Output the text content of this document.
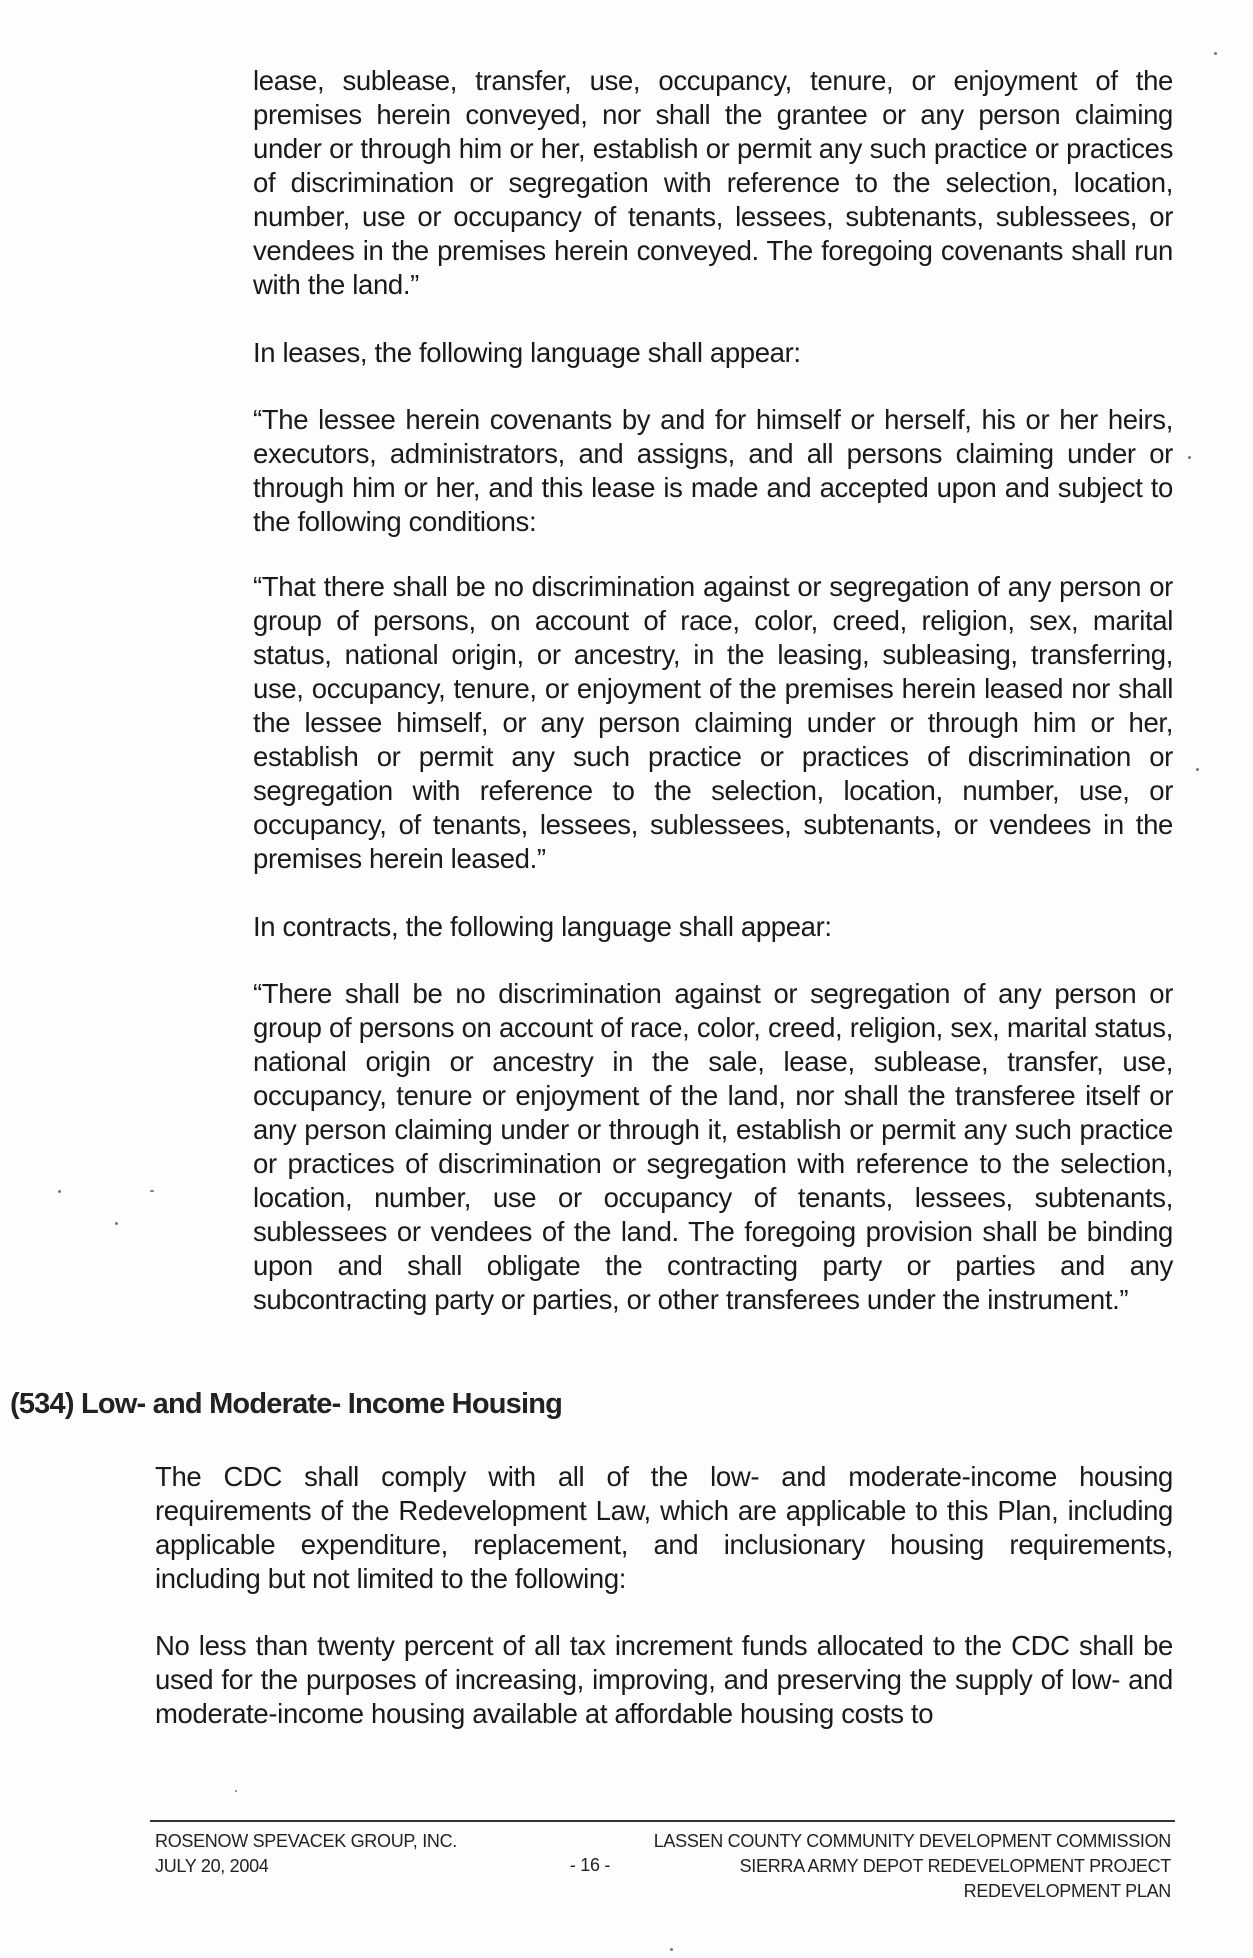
lease, sublease, transfer, use, occupancy, tenure, or enjoyment of the premises herein conveyed, nor shall the grantee or any person claiming under or through him or her, establish or permit any such practice or practices of discrimination or segregation with reference to the selection, location, number, use or occupancy of tenants, lessees, subtenants, sublessees, or vendees in the premises herein conveyed. The foregoing covenants shall run with the land.”

In leases, the following language shall appear:

“The lessee herein covenants by and for himself or herself, his or her heirs, executors, administrators, and assigns, and all persons claiming under or through him or her, and this lease is made and accepted upon and subject to the following conditions:

“That there shall be no discrimination against or segregation of any person or group of persons, on account of race, color, creed, religion, sex, marital status, national origin, or ancestry, in the leasing, subleasing, transferring, use, occupancy, tenure, or enjoyment of the premises herein leased nor shall the lessee himself, or any person claiming under or through him or her, establish or permit any such practice or practices of discrimination or segregation with reference to the selection, location, number, use, or occupancy, of tenants, lessees, sublessees, subtenants, or vendees in the premises herein leased.”

In contracts, the following language shall appear:

“There shall be no discrimination against or segregation of any person or group of persons on account of race, color, creed, religion, sex, marital status, national origin or ancestry in the sale, lease, sublease, transfer, use, occupancy, tenure or enjoyment of the land, nor shall the transferee itself or any person claiming under or through it, establish or permit any such practice or practices of discrimination or segregation with reference to the selection, location, number, use or occupancy of tenants, lessees, subtenants, sublessees or vendees of the land. The foregoing provision shall be binding upon and shall obligate the contracting party or parties and any subcontracting party or parties, or other transferees under the instrument.”

(534) Low- and Moderate- Income Housing

The CDC shall comply with all of the low- and moderate-income housing requirements of the Redevelopment Law, which are applicable to this Plan, including applicable expenditure, replacement, and inclusionary housing requirements, including but not limited to the following:

No less than twenty percent of all tax increment funds allocated to the CDC shall be used for the purposes of increasing, improving, and preserving the supply of low- and moderate-income housing available at affordable housing costs to

ROSENOW SPEVACEK GROUP, INC.
JULY 20, 2004	- 16 -
LASSEN COUNTY COMMUNITY DEVELOPMENT COMMISSION
SIERRA ARMY DEPOT REDEVELOPMENT PROJECT
REDEVELOPMENT PLAN
